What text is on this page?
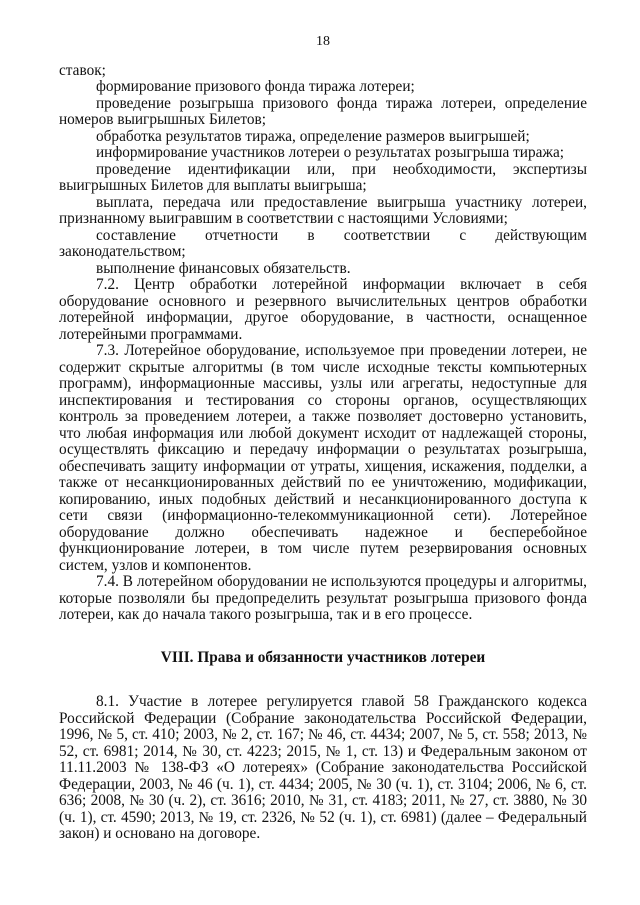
18

ставок;

формирование призового фонда тиража лотереи;

проведение розыгрыша призового фонда тиража лотереи, определение номеров выигрышных Билетов;

обработка результатов тиража, определение размеров выигрышей;

информирование участников лотереи о результатах розыгрыша тиража;

проведение идентификации или, при необходимости, экспертизы выигрышных Билетов для выплаты выигрыша;

выплата, передача или предоставление выигрыша участнику лотереи, признанному выигравшим в соответствии с настоящими Условиями;

составление отчетности в соответствии с действующим законодательством;

выполнение финансовых обязательств.

7.2. Центр обработки лотерейной информации включает в себя оборудование основного и резервного вычислительных центров обработки лотерейной информации, другое оборудование, в частности, оснащенное лотерейными программами.

7.3. Лотерейное оборудование, используемое при проведении лотереи, не содержит скрытые алгоритмы (в том числе исходные тексты компьютерных программ), информационные массивы, узлы или агрегаты, недоступные для инспектирования и тестирования со стороны органов, осуществляющих контроль за проведением лотереи, а также позволяет достоверно установить, что любая информация или любой документ исходит от надлежащей стороны, осуществлять фиксацию и передачу информации о результатах розыгрыша, обеспечивать защиту информации от утраты, хищения, искажения, подделки, а также от несанкционированных действий по ее уничтожению, модификации, копированию, иных подобных действий и несанкционированного доступа к сети связи (информационно-телекоммуникационной сети). Лотерейное оборудование должно обеспечивать надежное и бесперебойное функционирование лотереи, в том числе путем резервирования основных систем, узлов и компонентов.

7.4. В лотерейном оборудовании не используются процедуры и алгоритмы, которые позволяли бы предопределить результат розыгрыша призового фонда лотереи, как до начала такого розыгрыша, так и в его процессе.

VIII. Права и обязанности участников лотереи

8.1. Участие в лотерее регулируется главой 58 Гражданского кодекса Российской Федерации (Собрание законодательства Российской Федерации, 1996, № 5, ст. 410; 2003, № 2, ст. 167; № 46, ст. 4434; 2007, № 5, ст. 558; 2013, № 52, ст. 6981; 2014, № 30, ст. 4223; 2015, № 1, ст. 13) и Федеральным законом от 11.11.2003 № 138-ФЗ «О лотереях» (Собрание законодательства Российской Федерации, 2003, № 46 (ч. 1), ст. 4434; 2005, № 30 (ч. 1), ст. 3104; 2006, № 6, ст. 636; 2008, № 30 (ч. 2), ст. 3616; 2010, № 31, ст. 4183; 2011, № 27, ст. 3880, № 30 (ч. 1), ст. 4590; 2013, № 19, ст. 2326, № 52 (ч. 1), ст. 6981) (далее – Федеральный закон) и основано на договоре.
